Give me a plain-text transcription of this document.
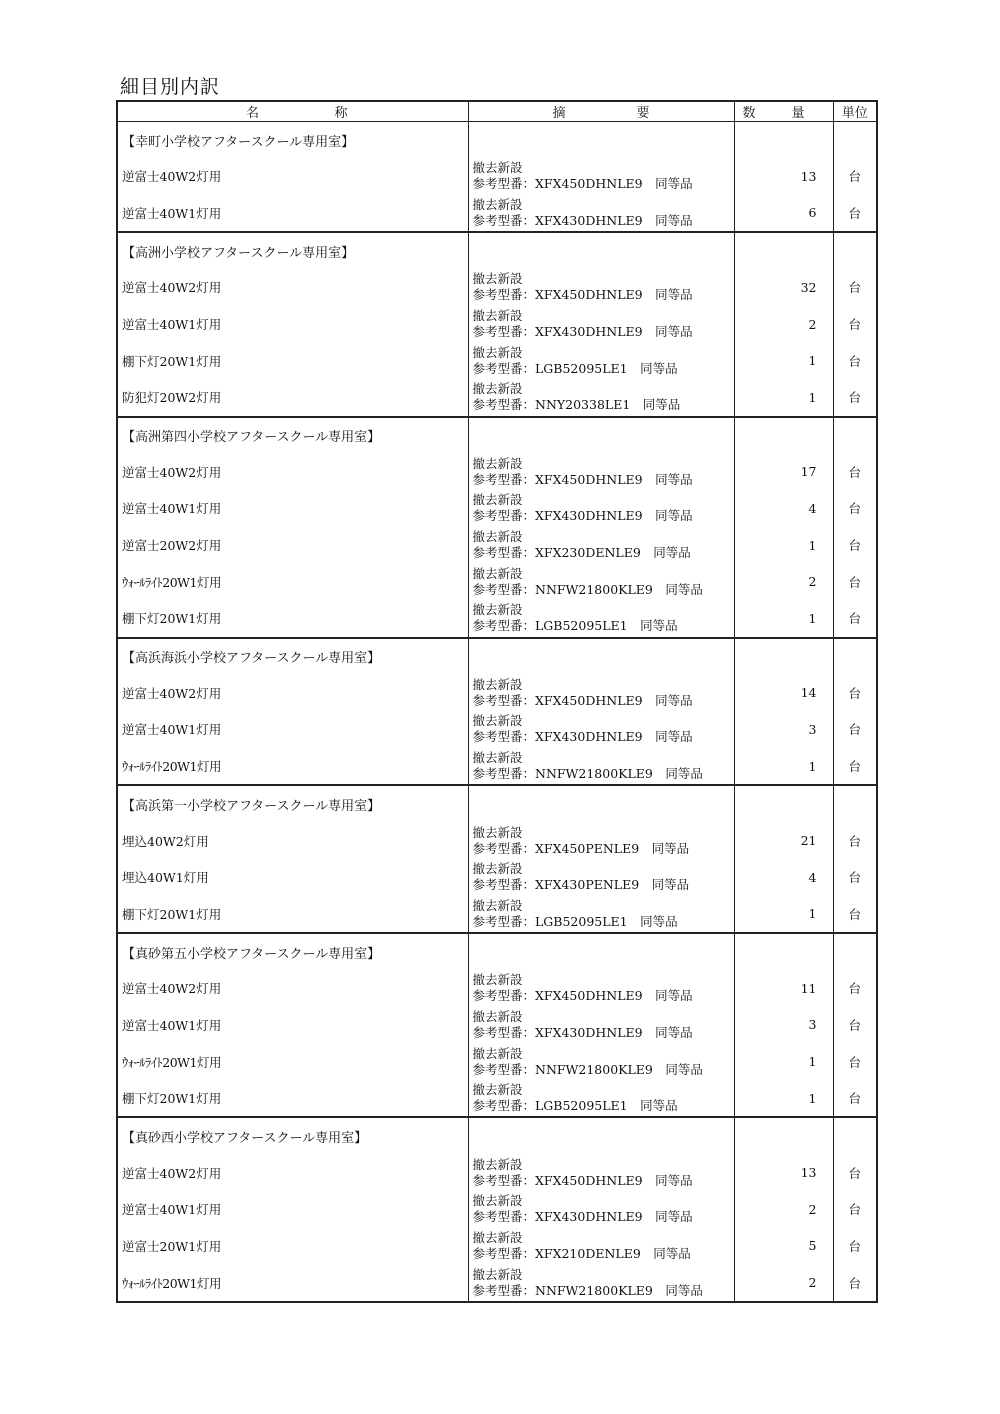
細目別内訳
名 称	摘 要	数 量	単位
【幸町小学校アフタースクール専用室】			
逆富士40W2灯用	撤去新設
参考型番：XFX450DHNLE9　同等品	13	台
逆富士40W1灯用	撤去新設
参考型番：XFX430DHNLE9　同等品	6	台
【高洲小学校アフタースクール専用室】			
逆富士40W2灯用	撤去新設
参考型番：XFX450DHNLE9　同等品	32	台
逆富士40W1灯用	撤去新設
参考型番：XFX430DHNLE9　同等品	2	台
棚下灯20W1灯用	撤去新設
参考型番：LGB52095LE1　同等品	1	台
防犯灯20W2灯用	撤去新設
参考型番：NNY20338LE1　同等品	1	台
【高洲第四小学校アフタースクール専用室】			
逆富士40W2灯用	撤去新設
参考型番：XFX450DHNLE9　同等品	17	台
逆富士40W1灯用	撤去新設
参考型番：XFX430DHNLE9　同等品	4	台
逆富士20W2灯用	撤去新設
参考型番：XFX230DENLE9　同等品	1	台
ｳｫｰﾙﾗｲﾄ20W1灯用	撤去新設
参考型番：NNFW21800KLE9　同等品	2	台
棚下灯20W1灯用	撤去新設
参考型番：LGB52095LE1　同等品	1	台
【高浜海浜小学校アフタースクール専用室】			
逆富士40W2灯用	撤去新設
参考型番：XFX450DHNLE9　同等品	14	台
逆富士40W1灯用	撤去新設
参考型番：XFX430DHNLE9　同等品	3	台
ｳｫｰﾙﾗｲﾄ20W1灯用	撤去新設
参考型番：NNFW21800KLE9　同等品	1	台
【高浜第一小学校アフタースクール専用室】			
埋込40W2灯用	撤去新設
参考型番：XFX450PENLE9　同等品	21	台
埋込40W1灯用	撤去新設
参考型番：XFX430PENLE9　同等品	4	台
棚下灯20W1灯用	撤去新設
参考型番：LGB52095LE1　同等品	1	台
【真砂第五小学校アフタースクール専用室】			
逆富士40W2灯用	撤去新設
参考型番：XFX450DHNLE9　同等品	11	台
逆富士40W1灯用	撤去新設
参考型番：XFX430DHNLE9　同等品	3	台
ｳｫｰﾙﾗｲﾄ20W1灯用	撤去新設
参考型番：NNFW21800KLE9　同等品	1	台
棚下灯20W1灯用	撤去新設
参考型番：LGB52095LE1　同等品	1	台
【真砂西小学校アフタースクール専用室】			
逆富士40W2灯用	撤去新設
参考型番：XFX450DHNLE9　同等品	13	台
逆富士40W1灯用	撤去新設
参考型番：XFX430DHNLE9　同等品	2	台
逆富士20W1灯用	撤去新設
参考型番：XFX210DENLE9　同等品	5	台
ｳｫｰﾙﾗｲﾄ20W1灯用	撤去新設
参考型番：NNFW21800KLE9　同等品	2	台
